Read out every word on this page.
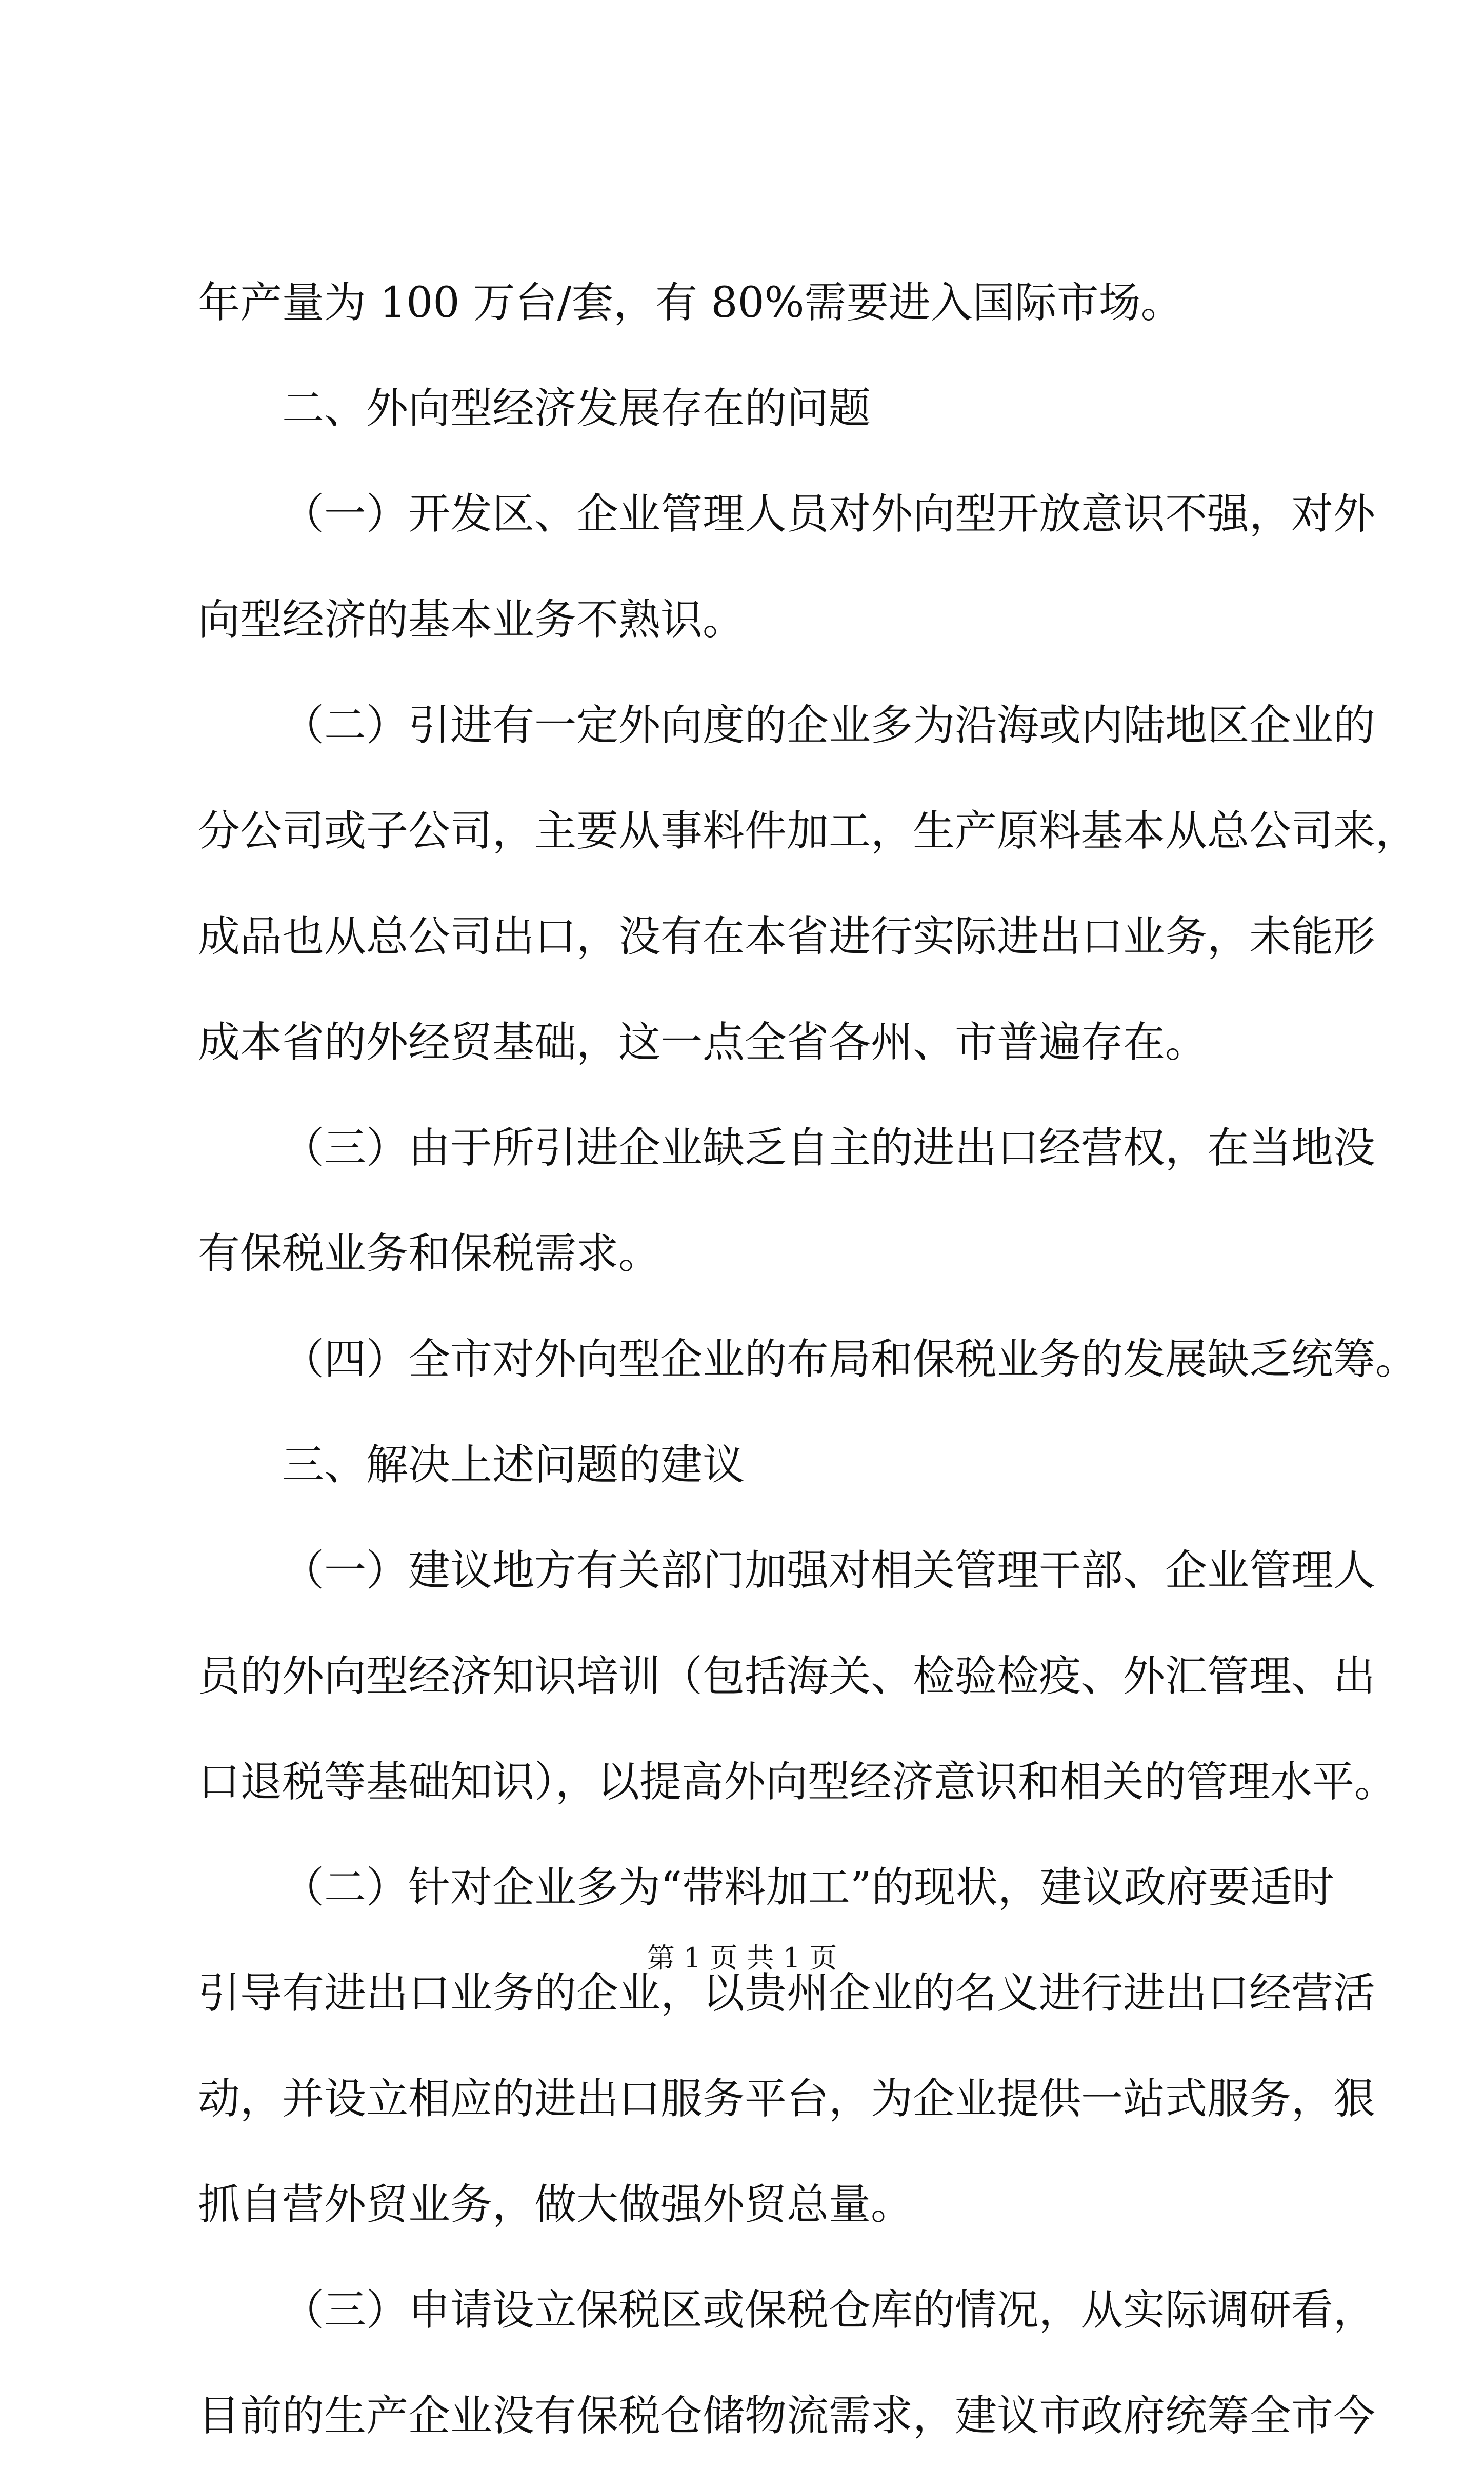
年产量为 100 万台/套，有 80%需要进入国际市场。
二、外向型经济发展存在的问题
（一）开发区、企业管理人员对外向型开放意识不强，对外
向型经济的基本业务不熟识。
（二）引进有一定外向度的企业多为沿海或内陆地区企业的
分公司或子公司，主要从事料件加工，生产原料基本从总公司来，
成品也从总公司出口，没有在本省进行实际进出口业务，未能形
成本省的外经贸基础，这一点全省各州、市普遍存在。
（三）由于所引进企业缺乏自主的进出口经营权，在当地没
有保税业务和保税需求。
（四）全市对外向型企业的布局和保税业务的发展缺乏统筹。
三、解决上述问题的建议
（一）建议地方有关部门加强对相关管理干部、企业管理人
员的外向型经济知识培训（包括海关、检验检疫、外汇管理、出
口退税等基础知识），以提高外向型经济意识和相关的管理水平。
（二）针对企业多为“带料加工”的现状，建议政府要适时
引导有进出口业务的企业，以贵州企业的名义进行进出口经营活
动，并设立相应的进出口服务平台，为企业提供一站式服务，狠
抓自营外贸业务，做大做强外贸总量。
（三）申请设立保税区或保税仓库的情况，从实际调研看，
目前的生产企业没有保税仓储物流需求，建议市政府统筹全市今
第 1 页 共 1 页
